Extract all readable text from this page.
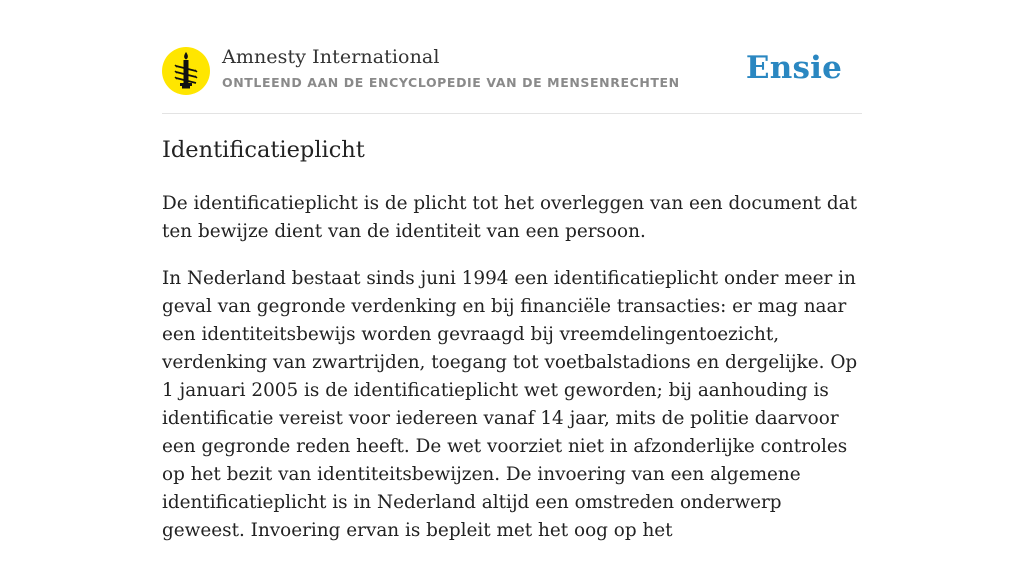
Amnesty International
ONTLEEND AAN DE ENCYCLOPEDIE VAN DE MENSENRECHTEN Ensie
Identificatieplicht

De identificatieplicht is de plicht tot het overleggen van een document dat ten bewijze dient van de identiteit van een persoon.

In Nederland bestaat sinds juni 1994 een identificatieplicht onder meer in geval van gegronde verdenking en bij financiële transacties: er mag naar een identiteitsbewijs worden gevraagd bij vreemdelingentoezicht, verdenking van zwartrijden, toegang tot voetbalstadions en dergelijke. Op 1 januari 2005 is de identificatieplicht wet geworden; bij aanhouding is identificatie vereist voor iedereen vanaf 14 jaar, mits de politie daarvoor een gegronde reden heeft. De wet voorziet niet in afzonderlijke controles op het bezit van identiteitsbewijzen. De invoering van een algemene identificatieplicht is in Nederland altijd een omstreden onderwerp geweest. Invoering ervan is bepleit met het oog op het
